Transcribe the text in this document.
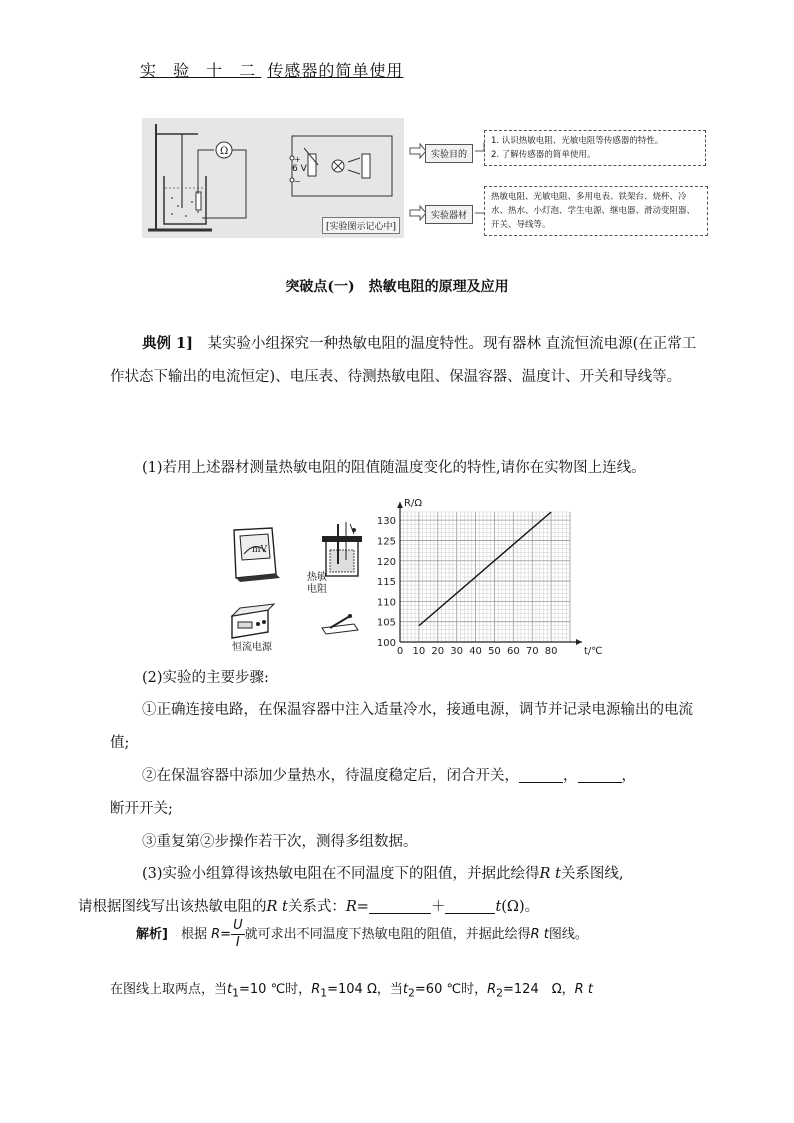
实 验 十 二 传感器的简单使用
Ω
+
−
6 V
[实验图示记心中]
实验目的
1. 认识热敏电阻、光敏电阻等传感器的特性。
2. 了解传感器的简单使用。
实验器材
热敏电阻、光敏电阻、多用电表、铁架台、烧杯、冷水、热水、小灯泡、学生电源、继电器、滑动变阻器、开关、导线等。
突破点(一)　热敏电阻的原理及应用
典例 1]　 某实验小组探究一种热敏电阻的温度特性。现有器林 直流恒流电源(在正常工作状态下输出的电流恒定)、电压表、待测热敏电阻、保温容器、温度计、开关和导线等。
(1)若用上述器材测量热敏电阻的阻值随温度变化的特性,请你在实物图上连线。
mV
热敏
电阻
恒流电源	0 10 20 30 40 50 60 70 80
100
105
110
115
120
125
130
R/Ω
t/℃
(2)实验的主要步骤:
①正确连接电路，在保温容器中注入适量冷水，接通电源，调节并记录电源输出的电流值;
②在保温容器中添加少量热水，待温度稳定后，闭合开关，	，	，
断开开关;
③重复第②步操作若干次，测得多组数据。
(3)实验小组算得该热敏电阻在不同温度下的阻值，并据此绘得R t关系图线,
请根据图线写出该热敏电阻的R t关系式：R=	＋	t(Ω)。
解析]　 根据 $R= \frac{U}{I}$ 就可求出不同温度下热敏电阻的阻值，并据此绘得R t图线。
在图线上取两点，当$t_1=10$ ℃时，$R_1=104$ Ω，当$t_2=60$ ℃时，$R_2=124$　Ω，R t
